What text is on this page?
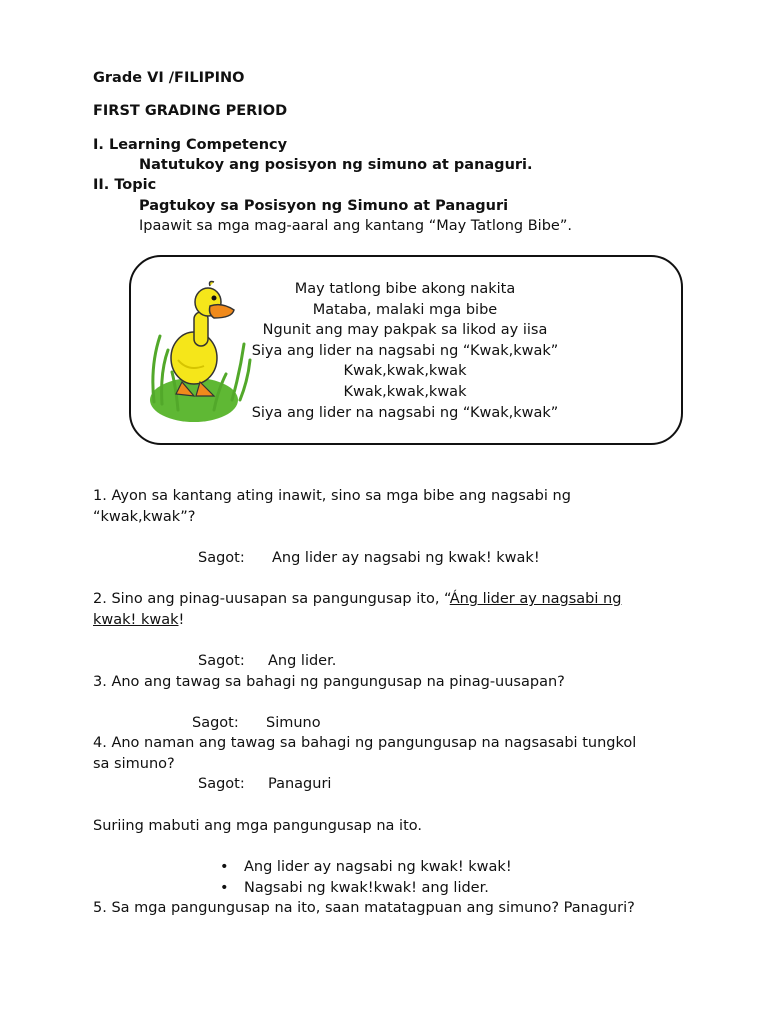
Grade VI /FILIPINO
FIRST GRADING PERIOD
I. Learning Competency
Natutukoy ang posisyon ng simuno at panaguri.
II. Topic
Pagtukoy sa Posisyon ng Simuno at Panaguri
Ipaawit sa mga mag-aaral ang kantang “May Tatlong Bibe”.
May tatlong bibe akong nakita
Mataba, malaki mga bibe
Ngunit ang may pakpak sa likod ay iisa
Siya ang lider na nagsabi ng “Kwak,kwak”
Kwak,kwak,kwak
Kwak,kwak,kwak
Siya ang lider na nagsabi ng “Kwak,kwak”
1. Ayon sa kantang ating inawit, sino sa mga bibe ang nagsabi ng
“kwak,kwak”?
Sagot: Ang lider ay nagsabi ng kwak! kwak!
2. Sino ang pinag-uusapan sa pangungusap ito, “Áng lider ay nagsabi ng
kwak! kwak!
Sagot: Ang lider.
3. Ano ang tawag sa bahagi ng pangungusap na pinag-uusapan?
Sagot: Simuno
4. Ano naman ang tawag sa bahagi ng pangungusap na nagsasabi tungkol
sa simuno?
Sagot: Panaguri
Suriing mabuti ang mga pangungusap na ito.
• Ang lider ay nagsabi ng kwak! kwak!
• Nagsabi ng kwak!kwak! ang lider.
5. Sa mga pangungusap na ito, saan matatagpuan ang simuno? Panaguri?
